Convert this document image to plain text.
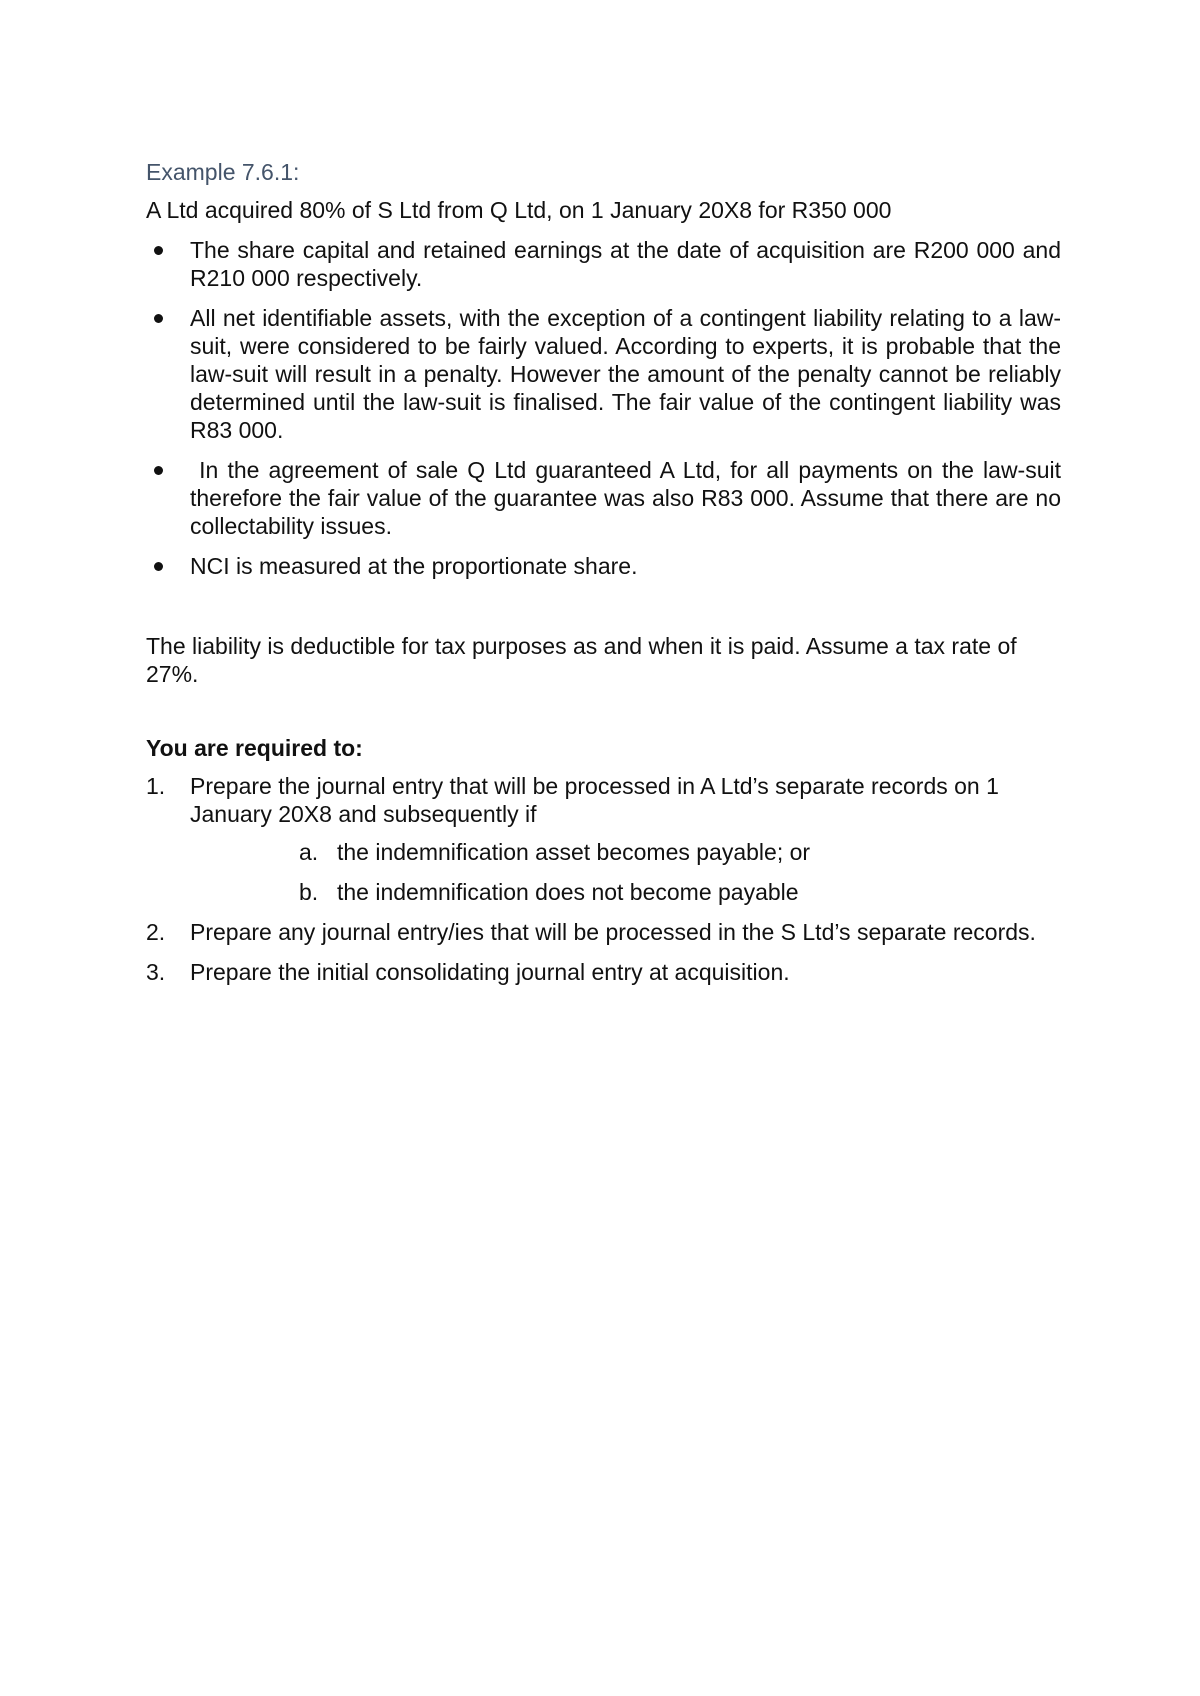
Example 7.6.1:
A Ltd acquired 80% of S Ltd from Q Ltd, on 1 January 20X8 for R350 000
The share capital and retained earnings at the date of acquisition are R200 000 and R210 000 respectively.
All net identifiable assets, with the exception of a contingent liability relating to a law-suit, were considered to be fairly valued. According to experts, it is probable that the law-suit will result in a penalty. However the amount of the penalty cannot be reliably determined until the law-suit is finalised. The fair value of the contingent liability was R83 000.
In the agreement of sale Q Ltd guaranteed A Ltd, for all payments on the law-suit therefore the fair value of the guarantee was also R83 000. Assume that there are no collectability issues.
NCI is measured at the proportionate share.
The liability is deductible for tax purposes as and when it is paid. Assume a tax rate of 27%.
You are required to:
1. Prepare the journal entry that will be processed in A Ltd’s separate records on 1 January 20X8 and subsequently if
a. the indemnification asset becomes payable; or
b. the indemnification does not become payable
2. Prepare any journal entry/ies that will be processed in the S Ltd’s separate records.
3. Prepare the initial consolidating journal entry at acquisition.
